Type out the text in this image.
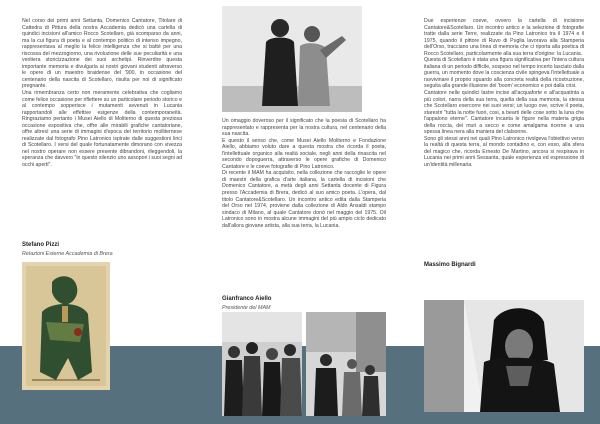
Nel corso dei primi anni Settanta, Domenico Cantatore, Titolare di Cattedra di Pittura della nostra Accademia dedicò una cartella di quindici incisioni all'amico Rocco Scotellaro, già scomparso da anni, ma la cui figura di poeta e al contempo politico di intenso impegno, rappresentava al meglio la felice intelligenza che si batté per una riscossa del mezzogiorno, una rivoluzione delle sue peculiarità e una veritiera storicizzazione dei suoi archetipi. Rinverdire questa importante memoria e divulgarla ai nostri giovani studenti attraverso le opere di un maestro braidense del '900, in occasione del centenario della nascita di Scotellaro, risulta per noi di significato pregnante.
Una rimembranza certo non meramente celebrativa che cogliamo come felice occasione per riflettere su un particolare periodo storico e al contempo sopperisce i mutamenti avvenuti in Lucania rapportandoli alle effettive esigenze della contemporaneità. Ringraziamo pertanto i Musei Aiello di Moliterno di questa preziosa occasione espositiva che, offre alle mirabili grafiche cantatoriane, offre altresì una serie di immagini d'epoca del territorio molliternese realizzate dal fotografo Pino Latronico ispirate dalle suggestioni lirici di Scotellaro. I versi del quale fortunatamente dimorano con vivezza nel nostro operare non essere presente dibrandoni, rileggendoli, la speranza che davvero "in questo silenzio uno assopori i suoi segni ad occhi aperti".
Stefano Pizzi
Relazioni Esterne Accademia di Brera
Un omaggio doveroso per il significato che la poesia di Scotellaro ha rappresentato e rappresenta per la nostra cultura, nel centenario della sua nascita.
E questo il senso che, come Musei Aiello Moliterno e Fondazione Aiello, abbiamo voluto dare a questa mostra che ricorda il poeta, l'intellettuale organico alla realtà sociale, negli anni della rinascita nel secondo dopoguerra, attraverso le opere grafiche di Domenico Cantatore e le coeve fotografie di Pino Latronico.
Di recente il MAM ha acquisito, nella collezione che raccoglie le opere di maestri della grafica d'arte italiana, la cartella di incisioni che Domenico Cantatore, a metà degli anni Settanta docente di Figura presso l'Accademia di Brera, dedicò al suo amico poeta. L'opera, dal titolo Cantatore&Scotellaro. Un incontro antico edita dalla Stamperia del Orso nel 1974, proviene dalla collezione di Aldo Ansaldi stampo sindaco di Milano, al quale Cantatore donò nel maggio del 1975. Oil Latronico sono in mostra alcune immagini del più ampio ciclo dedicato dall'allora giovane artista, alla sua terra, la Lucania.
Gianfranco Aiello
Presidente del MAM
Due esperienze coeve, ovvero la cartella di incisione Cantatore&Scotellaro. Un incontro antico e la selezione di fotografie tratte dalla serie Terre, realizzate da Pino Latronico tra il 1974 e il 1975, quando il pittore di Ruvo di Puglia lavorava alla Stamperia dell'Orso, tracciano una linea di memoria che ci riporta alla poetica di Rocco Scotellaro, particolarmente alla sua terra d'origine: la Lucania.
Questa di Scotellaro è stata una figura significativa per l'intera cultura italiana di un periodo difficile, sospeso nel tempo incerto lasciato dalla guerra, un momento dove la coscienza civile spingeva l'intellettuale a ravvivinare il proprio sguardo alla concreta realtà della ricostruzione, seguita alla grande illusione del 'boom' economico e poi dalla crisi.
Cantatore nelle quindici lastre incise all'acquaforte e all'acquatinta a più colori, narra della sua terra, quella della sua memoria, la stessa che Scotellaro esercorre nei suoi versi; un luogo ove, scrive il poeta, starestri "tutta la notte fuori, cosi, a bearti delle cose sotto la luna che l'appalono eterne". Cantatore incanta le figure nella materia grigia della roccia, dei muri a secco e come amalgama ricerne a una spessa linea nera alla maniera del clalsonne.
Sono gli stessi anni nei quali Pino Latronico rivolgeva l'obiettivo verso la realtà di questa terra, al mondo contadino e, con esso, alla sfera del magico che, ricorda Ernesto De Martino, ancora si respirava in Lucania nei primi anni Sessanta, quale esperienza ed espressione di un'identità millenaria.
Massimo Bignardi
